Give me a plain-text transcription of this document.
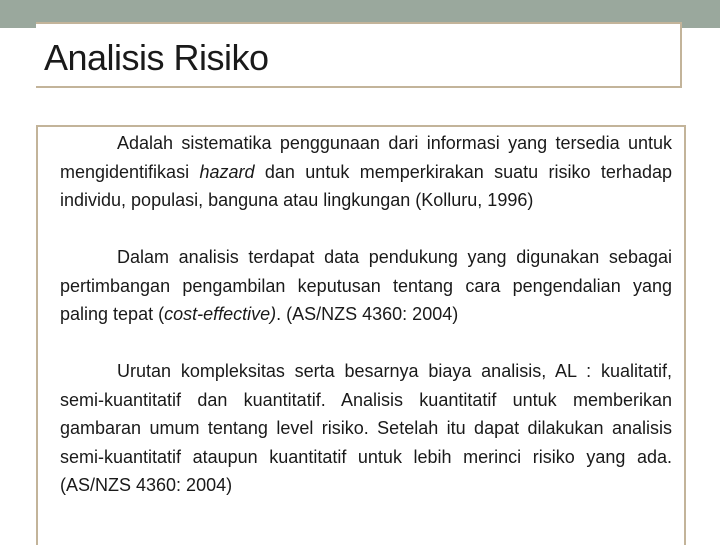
Analisis Risiko

Adalah sistematika penggunaan dari informasi yang tersedia untuk mengidentifikasi hazard dan untuk memperkirakan suatu risiko terhadap individu, populasi, banguna atau lingkungan (Kolluru, 1996)

Dalam analisis terdapat data pendukung yang digunakan sebagai pertimbangan pengambilan keputusan tentang cara pengendalian yang paling tepat (cost-effective). (AS/NZS 4360: 2004)

Urutan kompleksitas serta besarnya biaya analisis, AL : kualitatif, semi-kuantitatif dan kuantitatif. Analisis kuantitatif untuk memberikan gambaran umum tentang level risiko. Setelah itu dapat dilakukan analisis semi-kuantitatif ataupun kuantitatif untuk lebih merinci risiko yang ada.(AS/NZS 4360: 2004)
